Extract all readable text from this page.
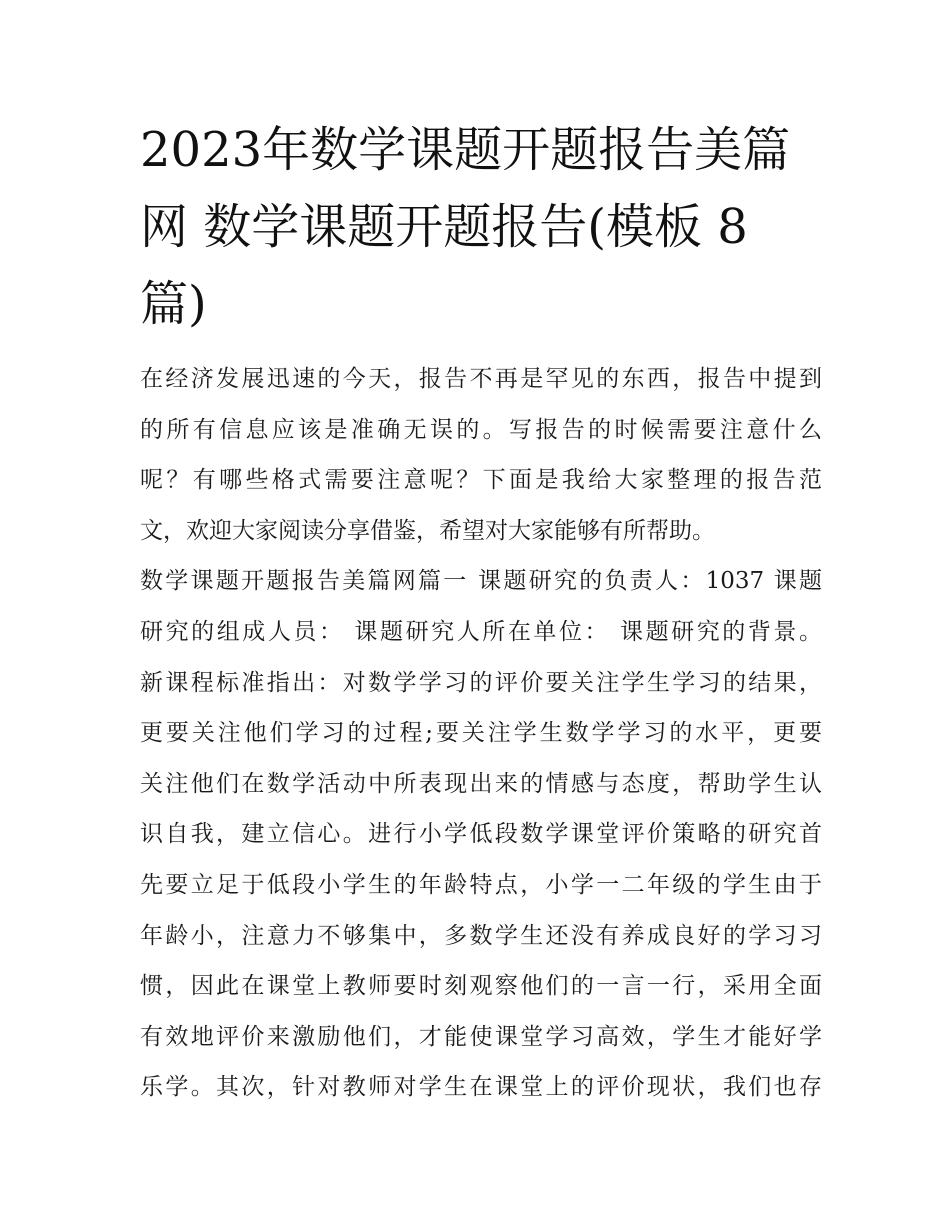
2023年数学课题开题报告美篇
网 数学课题开题报告(模板 8
篇)

在经济发展迅速的今天，报告不再是罕见的东西，报告中提到
的所有信息应该是准确无误的。写报告的时候需要注意什么
呢？有哪些格式需要注意呢？下面是我给大家整理的报告范
文，欢迎大家阅读分享借鉴，希望对大家能够有所帮助。

数学课题开题报告美篇网篇一 课题研究的负责人：1037 课题
研究的组成人员： 课题研究人所在单位： 课题研究的背景。
新课程标准指出：对数学学习的评价要关注学生学习的结果，
更要关注他们学习的过程;要关注学生数学学习的水平，更要
关注他们在数学活动中所表现出来的情感与态度，帮助学生认
识自我，建立信心。进行小学低段数学课堂评价策略的研究首
先要立足于低段小学生的年龄特点，小学一二年级的学生由于
年龄小，注意力不够集中，多数学生还没有养成良好的学习习
惯，因此在课堂上教师要时刻观察他们的一言一行，采用全面
有效地评价来激励他们，才能使课堂学习高效，学生才能好学
乐学。其次，针对教师对学生在课堂上的评价现状，我们也存
